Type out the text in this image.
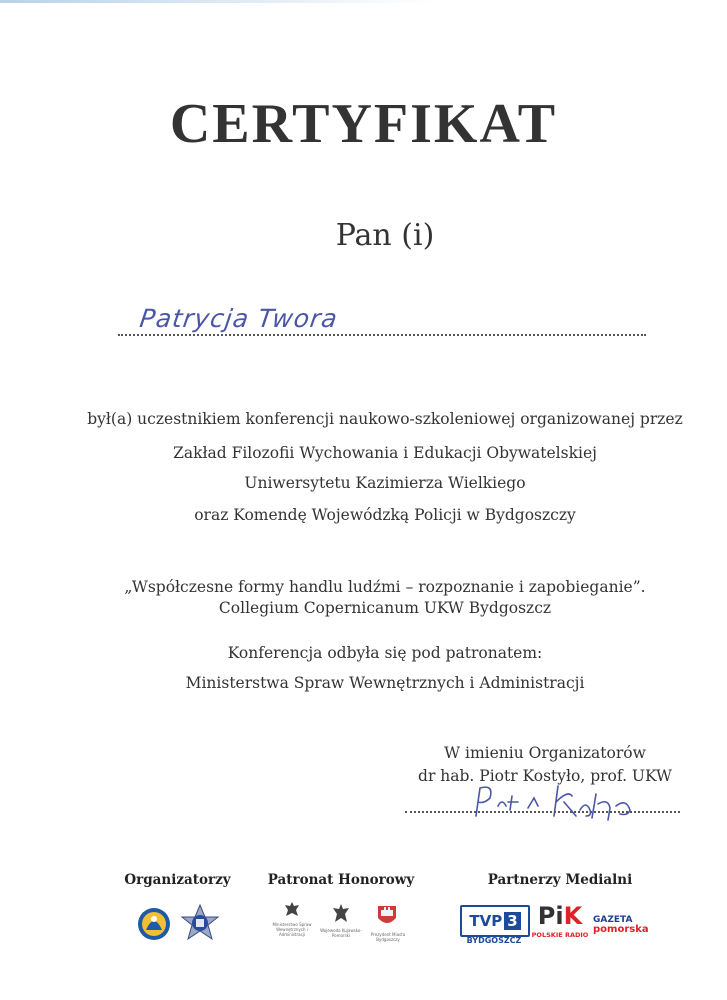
CERTYFIKAT
Pan (i)
Patrycja Twora
był(a) uczestnikiem konferencji naukowo-szkoleniowej organizowanej przez
Zakład Filozofii Wychowania i Edukacji Obywatelskiej
Uniwersytetu Kazimierza Wielkiego
oraz Komendę Wojewódzką Policji w Bydgoszczy
„Współczesne formy handlu ludźmi – rozpoznanie i zapobieganie”.
Collegium Copernicanum UKW Bydgoszcz
Konferencja odbyła się pod patronatem:
Ministerstwa Spraw Wewnętrznych i Administracji
W imieniu Organizatorów
dr hab. Piotr Kostyło, prof. UKW
Organizatorzy	Patronat Honorowy	Partnerzy Medialni
Ministerstwo Spraw Wewnętrznych i Administracji
Wojewoda Kujawsko-Pomorski	Prezydent Miasta Bydgoszczy
TVP 3
BYDGOSZCZ
PiK
POLSKIE RADIO
GAZETA
pomorska
